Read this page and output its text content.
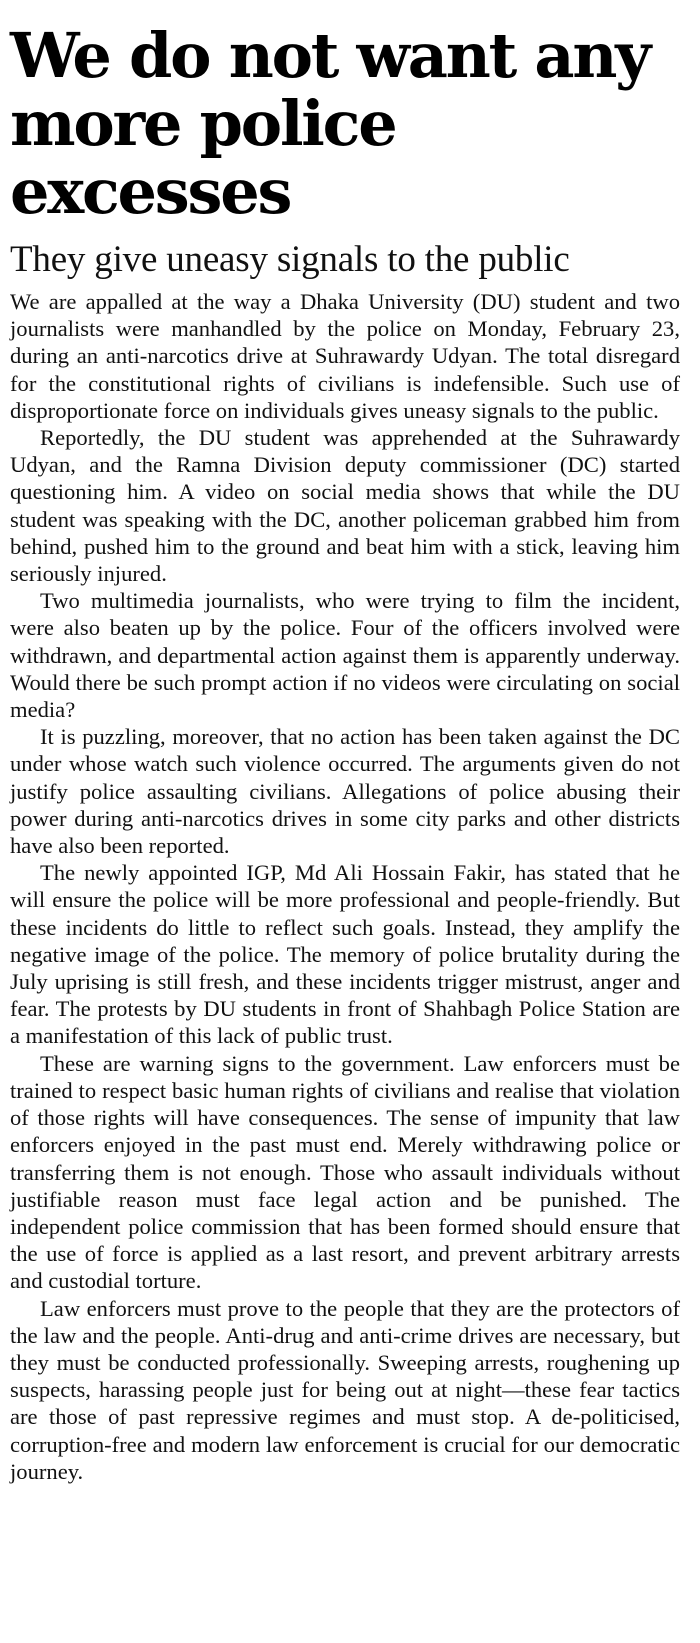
We do not want any more police excesses
They give uneasy signals to the public

We are appalled at the way a Dhaka University (DU) student and two journalists were manhandled by the police on Monday, February 23, during an anti-narcotics drive at Suhrawardy Udyan. The total disregard for the constitutional rights of civilians is indefensible. Such use of disproportionate force on individuals gives uneasy signals to the public.

Reportedly, the DU student was apprehended at the Suhrawardy Udyan, and the Ramna Division deputy commissioner (DC) started questioning him. A video on social media shows that while the DU student was speaking with the DC, another policeman grabbed him from behind, pushed him to the ground and beat him with a stick, leaving him seriously injured.

Two multimedia journalists, who were trying to film the incident, were also beaten up by the police. Four of the officers involved were withdrawn, and departmental action against them is apparently underway. Would there be such prompt action if no videos were circulating on social media?

It is puzzling, moreover, that no action has been taken against the DC under whose watch such violence occurred. The arguments given do not justify police assaulting civilians. Allegations of police abusing their power during anti-narcotics drives in some city parks and other districts have also been reported.

The newly appointed IGP, Md Ali Hossain Fakir, has stated that he will ensure the police will be more professional and people-friendly. But these incidents do little to reflect such goals. Instead, they amplify the negative image of the police. The memory of police brutality during the July uprising is still fresh, and these incidents trigger mistrust, anger and fear. The protests by DU students in front of Shahbagh Police Station are a manifestation of this lack of public trust.

These are warning signs to the government. Law enforcers must be trained to respect basic human rights of civilians and realise that violation of those rights will have consequences. The sense of impunity that law enforcers enjoyed in the past must end. Merely withdrawing police or transferring them is not enough. Those who assault individuals without justifiable reason must face legal action and be punished. The independent police commission that has been formed should ensure that the use of force is applied as a last resort, and prevent arbitrary arrests and custodial torture.

Law enforcers must prove to the people that they are the protectors of the law and the people. Anti-drug and anti-crime drives are necessary, but they must be conducted professionally. Sweeping arrests, roughening up suspects, harassing people just for being out at night—these fear tactics are those of past repressive regimes and must stop. A de-politicised, corruption-free and modern law enforcement is crucial for our democratic journey.
